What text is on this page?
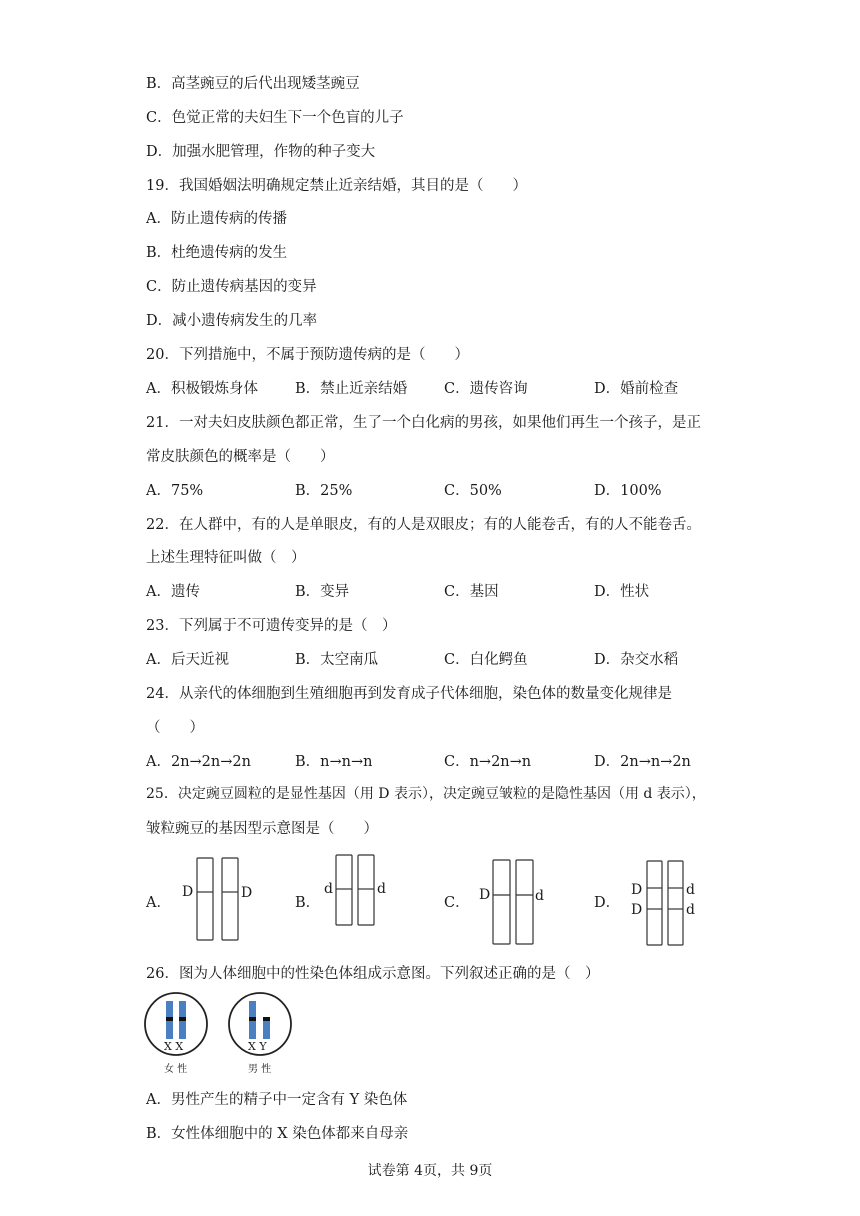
B．高茎豌豆的后代出现矮茎豌豆
C．色觉正常的夫妇生下一个色盲的儿子
D．加强水肥管理，作物的种子变大
19．我国婚姻法明确规定禁止近亲结婚，其目的是（　　）
A．防止遗传病的传播
B．杜绝遗传病的发生
C．防止遗传病基因的变异
D．减小遗传病发生的几率
20．下列措施中，不属于预防遗传病的是（　　）
A．积极锻炼身体	B．禁止近亲结婚	C．遗传咨询	D．婚前检查
21．一对夫妇皮肤颜色都正常，生了一个白化病的男孩，如果他们再生一个孩子，是正
常皮肤颜色的概率是（　　）
A．75%	B．25%	C．50%	D．100%
22．在人群中，有的人是单眼皮，有的人是双眼皮；有的人能卷舌，有的人不能卷舌。
上述生理特征叫做（　）
A．遗传	B．变异	C．基因	D．性状
23．下列属于不可遗传变异的是（　）
A．后天近视	B．太空南瓜	C．白化鳄鱼	D．杂交水稻
24．从亲代的体细胞到生殖细胞再到发育成子代体细胞，染色体的数量变化规律是
（　　）
A．2n→2n→2n	B．n→n→n	C．n→2n→n	D．2n→n→2n
25．决定豌豆圆粒的是显性基因（用 D 表示），决定豌豆皱粒的是隐性基因（用 d 表示），
皱粒豌豆的基因型示意图是（　　）
A．
D	D
B．
d	d
C． D	d	D．
DD
dd
26．图为人体细胞中的性染色体组成示意图。下列叙述正确的是（　）
X X	X Y
女 性	男 性
A．男性产生的精子中一定含有 Y 染色体
B．女性体细胞中的 X 染色体都来自母亲
试卷第 4页，共 9页
